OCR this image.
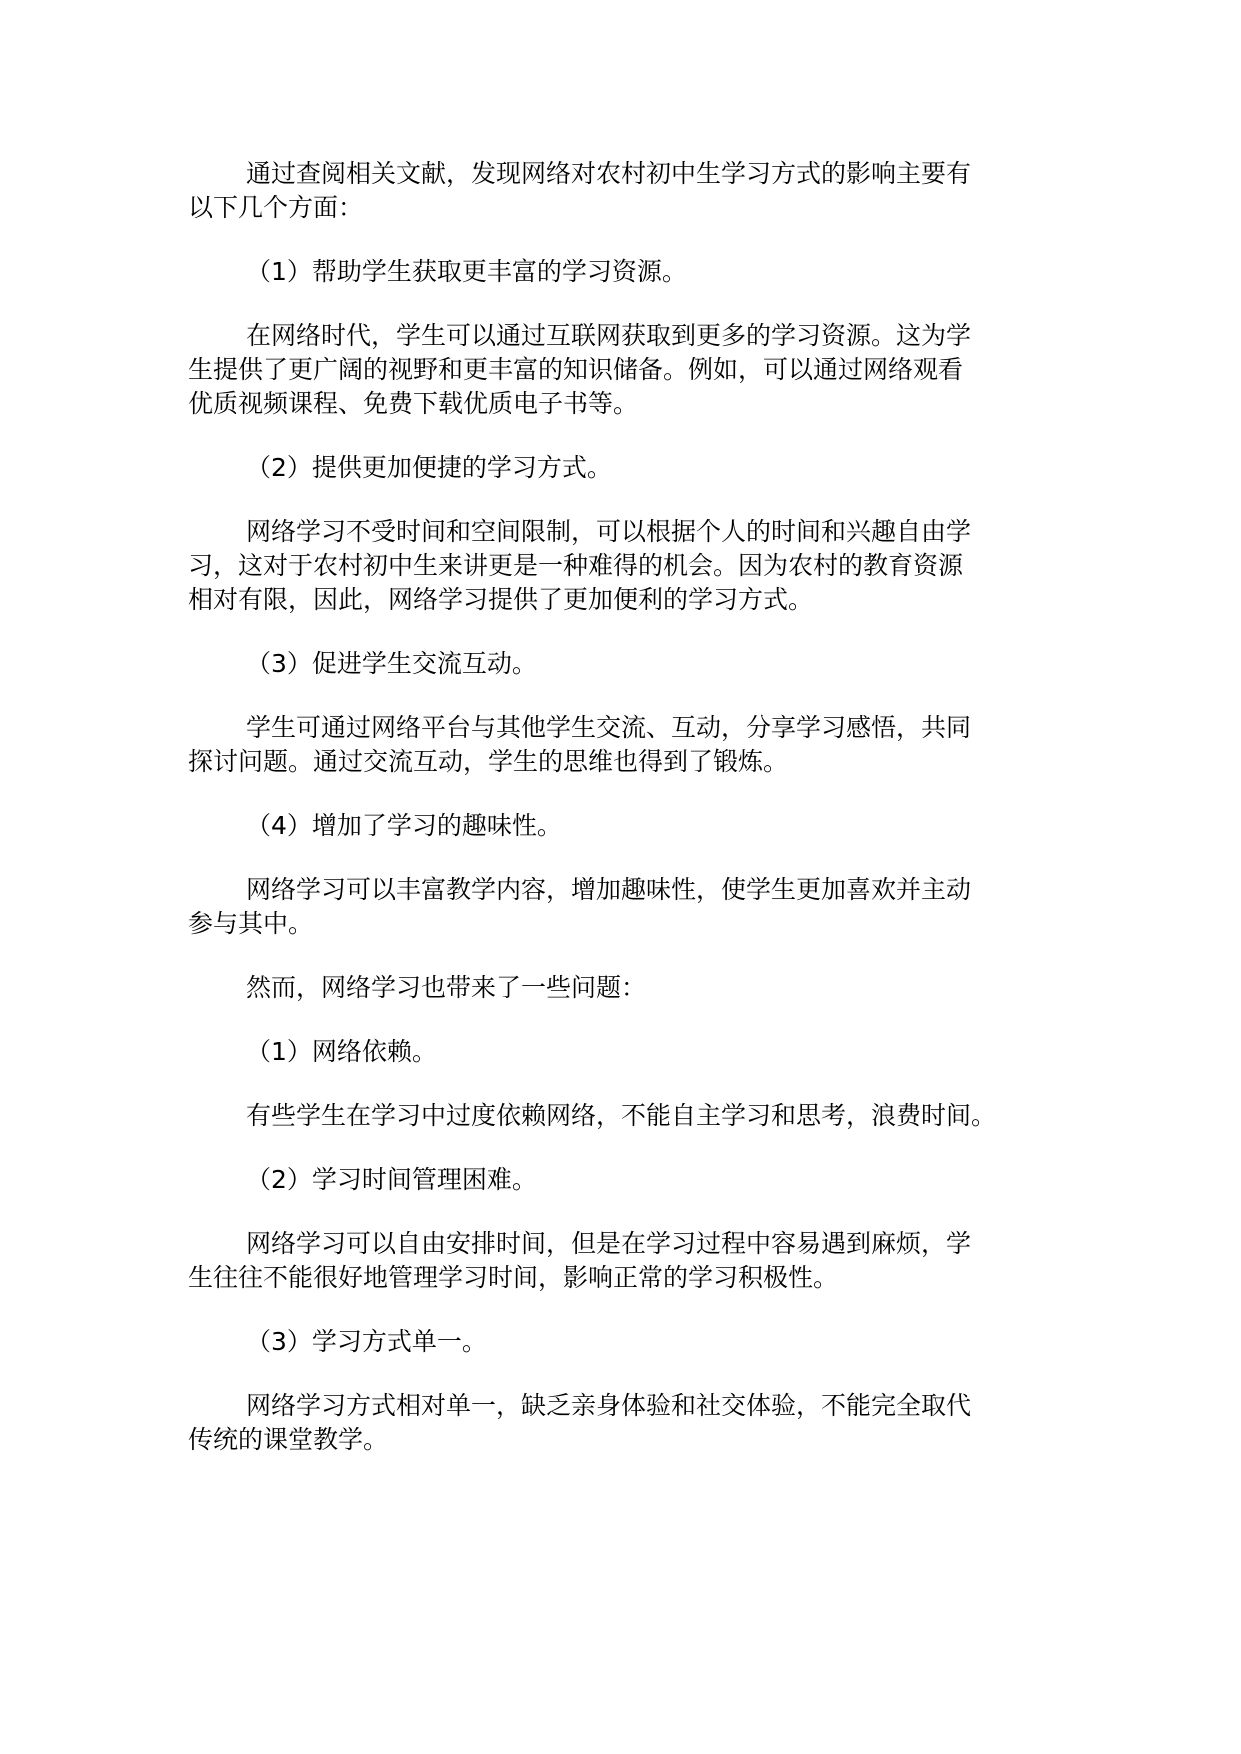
通过查阅相关文献，发现网络对农村初中生学习方式的影响主要有
以下几个方面：
（1）帮助学生获取更丰富的学习资源。
在网络时代，学生可以通过互联网获取到更多的学习资源。这为学
生提供了更广阔的视野和更丰富的知识储备。例如，可以通过网络观看
优质视频课程、免费下载优质电子书等。
（2）提供更加便捷的学习方式。
网络学习不受时间和空间限制，可以根据个人的时间和兴趣自由学
习，这对于农村初中生来讲更是一种难得的机会。因为农村的教育资源
相对有限，因此，网络学习提供了更加便利的学习方式。
（3）促进学生交流互动。
学生可通过网络平台与其他学生交流、互动，分享学习感悟，共同
探讨问题。通过交流互动，学生的思维也得到了锻炼。
（4）增加了学习的趣味性。
网络学习可以丰富教学内容，增加趣味性，使学生更加喜欢并主动
参与其中。
然而，网络学习也带来了一些问题：
（1）网络依赖。
有些学生在学习中过度依赖网络，不能自主学习和思考，浪费时间。
（2）学习时间管理困难。
网络学习可以自由安排时间，但是在学习过程中容易遇到麻烦，学
生往往不能很好地管理学习时间，影响正常的学习积极性。
（3）学习方式单一。
网络学习方式相对单一，缺乏亲身体验和社交体验，不能完全取代
传统的课堂教学。
